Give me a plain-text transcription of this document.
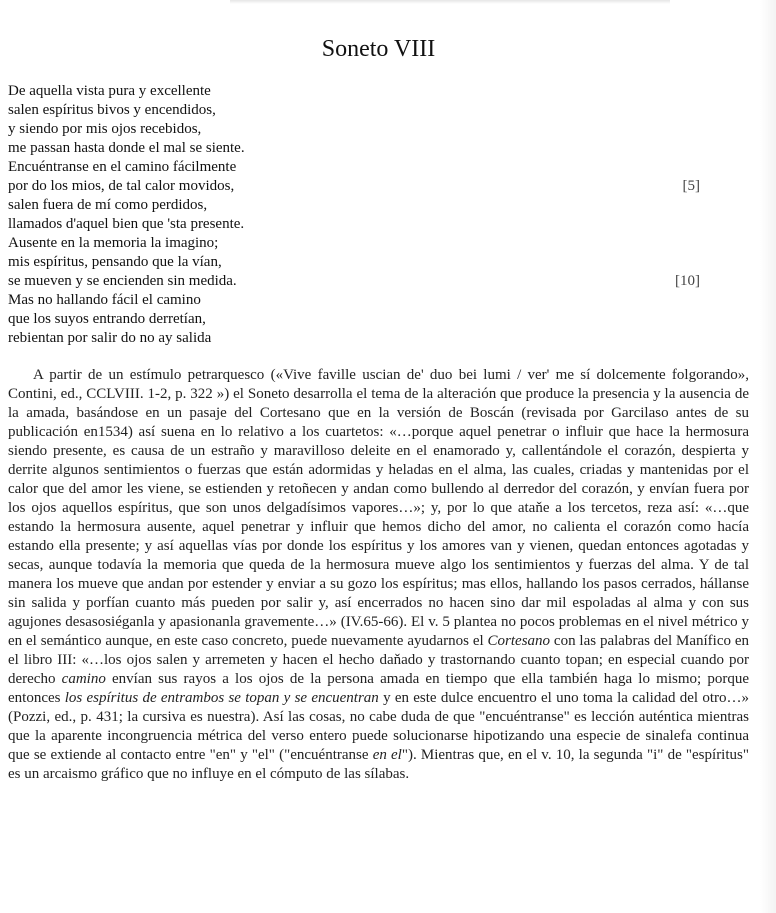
Soneto VIII
De aquella vista pura y excellente
salen espíritus bivos y encendidos,
y siendo por mis ojos recebidos,
me passan hasta donde el mal se siente.
Encuéntranse en el camino fácilmente
por do los mios, de tal calor movidos,	[5]
salen fuera de mí como perdidos,
llamados d'aquel bien que 'sta presente.
Ausente en la memoria la imagino;
mis espíritus, pensando que la vían,
se mueven y se encienden sin medida.	[10]
Mas no hallando fácil el camino
que los suyos entrando derretían,
rebientan por salir do no ay salida

A partir de un estímulo petrarquesco («Vive faville uscian de' duo bei lumi / ver' me sí dolcemente folgorando», Contini, ed., CCLVIII. 1-2, p. 322 ») el Soneto desarrolla el tema de la alteración que produce la presencia y la ausencia de la amada, basándose en un pasaje del Cortesano que en la versión de Boscán (revisada por Garcilaso antes de su publicación en1534) así suena en lo relativo a los cuartetos: «…porque aquel penetrar o influir que hace la hermosura siendo presente, es causa de un estraño y maravilloso deleite en el enamorado y, callentándole el corazón, despierta y derrite algunos sentimientos o fuerzas que están adormidas y heladas en el alma, las cuales, criadas y mantenidas por el calor que del amor les viene, se estienden y retoñecen y andan como bullendo al derredor del corazón, y envían fuera por los ojos aquellos espíritus, que son unos delgadísimos vapores…»; y, por lo que ataňe a los tercetos, reza así: «…que estando la hermosura ausente, aquel penetrar y influir que hemos dicho del amor, no calienta el corazón como hacía estando ella presente; y así aquellas vías por donde los espíritus y los amores van y vienen, quedan entonces agotadas y secas, aunque todavía la memoria que queda de la hermosura mueve algo los sentimientos y fuerzas del alma. Y de tal manera los mueve que andan por estender y enviar a su gozo los espíritus; mas ellos, hallando los pasos cerrados, hállanse sin salida y porfían cuanto más pueden por salir y, así encerrados no hacen sino dar mil espoladas al alma y con sus agujones desasosiéganla y apasionanla gravemente…» (IV.65-66). El v. 5 plantea no pocos problemas en el nivel métrico y en el semántico aunque, en este caso concreto, puede nuevamente ayudarnos el Cortesano con las palabras del Manífico en el libro III: «…los ojos salen y arremeten y hacen el hecho daňado y trastornando cuanto topan; en especial cuando por derecho camino envían sus rayos a los ojos de la persona amada en tiempo que ella también haga lo mismo; porque entonces los espíritus de entrambos se topan y se encuentran y en este dulce encuentro el uno toma la calidad del otro…» (Pozzi, ed., p. 431; la cursiva es nuestra). Así las cosas, no cabe duda de que "encuéntranse" es lección auténtica mientras que la aparente incongruencia métrica del verso entero puede solucionarse hipotizando una especie de sinalefa continua que se extiende al contacto entre "en" y "el" ("encuéntranse en el"). Mientras que, en el v. 10, la segunda "i" de "espíritus" es un arcaismo gráfico que no influye en el cómputo de las sílabas.
